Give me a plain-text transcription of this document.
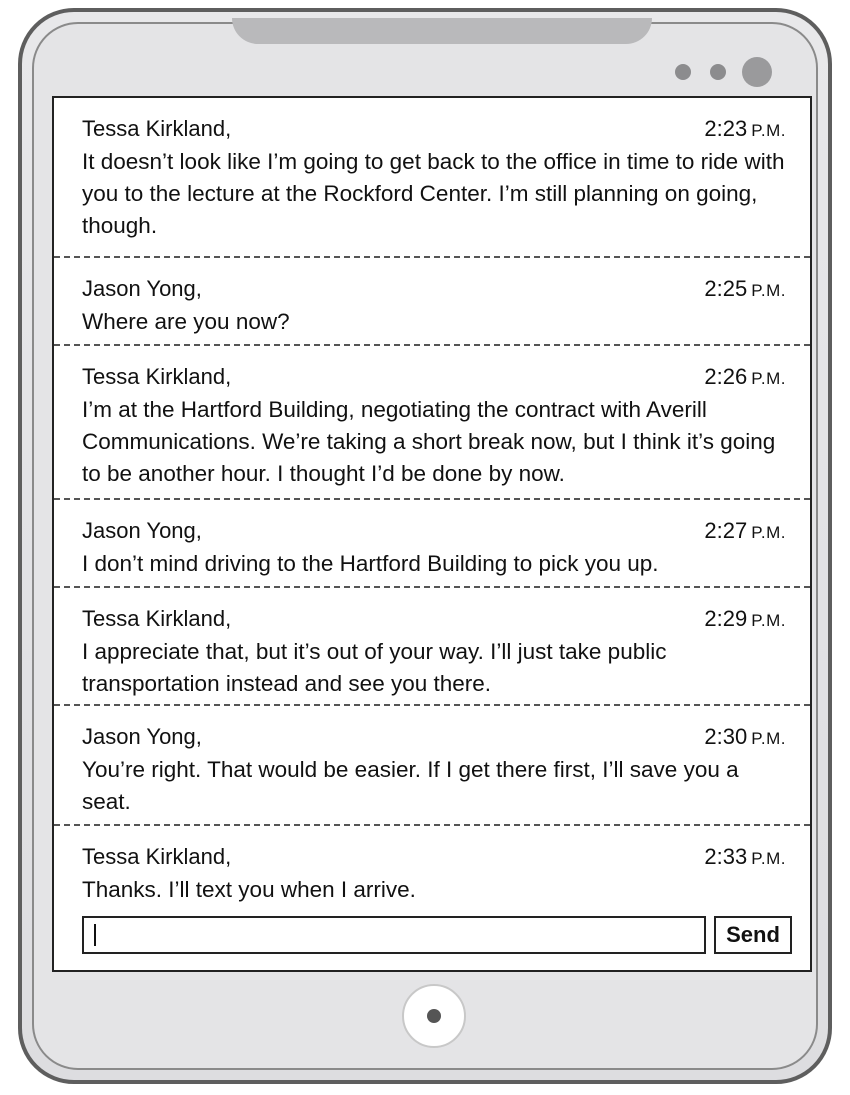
Tessa Kirkland,	2:23 P.M.
It doesn’t look like I’m going to get back to the office in time to ride with you to the lecture at the Rockford Center. I’m still planning on going, though.
Jason Yong,	2:25 P.M.
Where are you now?
Tessa Kirkland,	2:26 P.M.
I’m at the Hartford Building, negotiating the contract with Averill Communications. We’re taking a short break now, but I think it’s going to be another hour. I thought I’d be done by now.
Jason Yong,	2:27 P.M.
I don’t mind driving to the Hartford Building to pick you up.
Tessa Kirkland,	2:29 P.M.
I appreciate that, but it’s out of your way. I’ll just take public transportation instead and see you there.
Jason Yong,	2:30 P.M.
You’re right. That would be easier. If I get there first, I’ll save you a seat.
Tessa Kirkland,	2:33 P.M.
Thanks. I’ll text you when I arrive.
Send
